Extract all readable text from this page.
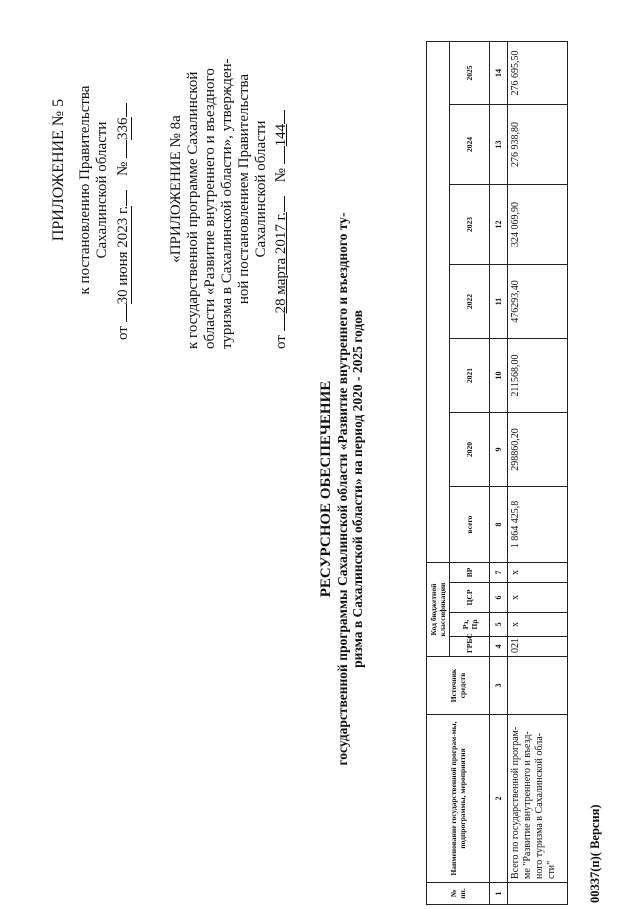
ПРИЛОЖЕНИЕ № 5 к постановлению Правительства Сахалинской области
от 30 июня 2023 г. № 336 «ПРИЛОЖЕНИЕ № 8а к государственной программе Сахалинской области «Развитие внутреннего и въездного туризма в Сахалинской области», утвержден- ной постановлением Правительства Сахалинской области
от 28 марта 2017 г. № 144
РЕСУРСНОЕ ОБЕСПЕЧЕНИЕ государственной программы Сахалинской области «Развитие внутреннего и въездного ту- ризма в Сахалинской области» на период 2020 - 2025 годов
№ пп.	Наименование государственной програм-мы, подпрограммы, мероприятия	Источник средств	Код бюджетной классификации										
			ГРБС	Рз, Пр	ЦСР	ВР	всего	2020	2021	2022	2023	2024	2025
1	2	3	4	5	6	7	8	9	10	11	12	13	14
	Всего по государственной програм-ме "Развитие внутреннего и въезд-ного туризма в Сахалинской обла-сти"		021	х	х	х	1 864 425,8	298860,20	211568,00	476293,40	324 069,90	276 938,80	276 695,50
00337(п)( Версия)
